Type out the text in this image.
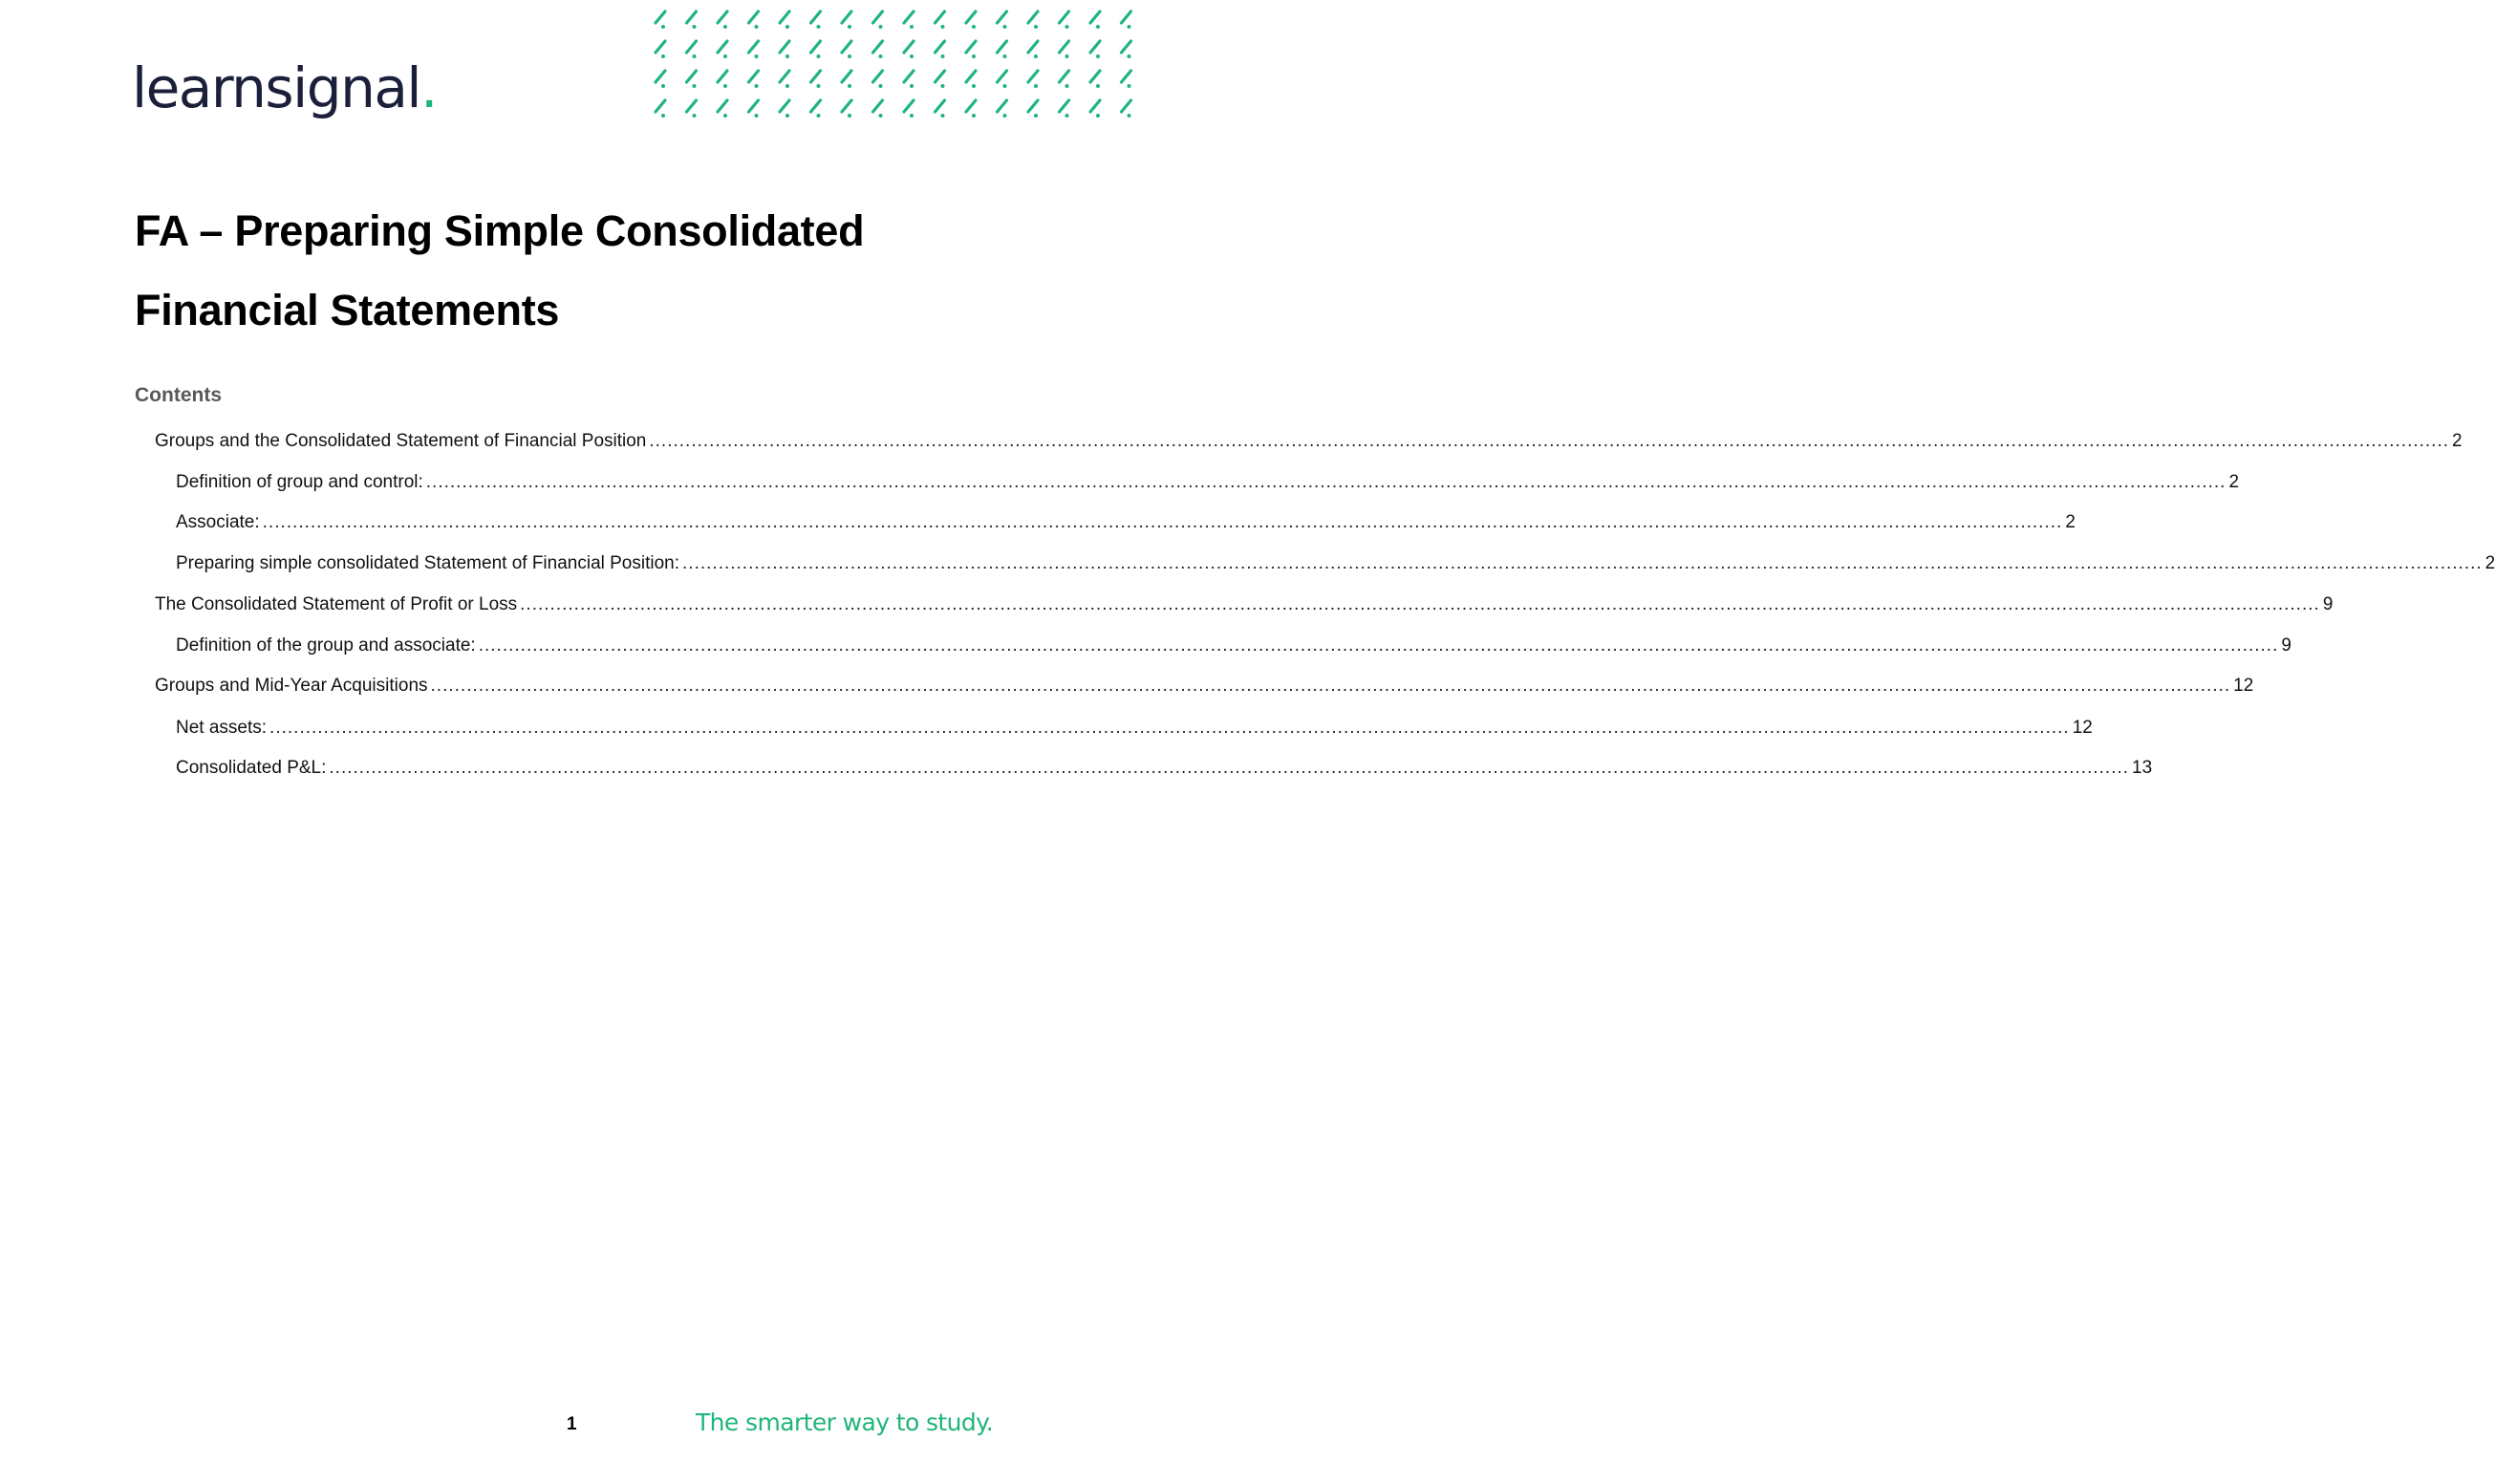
learnsignal.
FA – Preparing Simple Consolidated Financial Statements
Contents
Groups and the Consolidated Statement of Financial Position ............................................................................................................................................................................................................................................................................................................ 2
Definition of group and control: ............................................................................................................................................................................................................................................................................................................ 2
Associate: ............................................................................................................................................................................................................................................................................................................ 2
Preparing simple consolidated Statement of Financial Position: ............................................................................................................................................................................................................................................................................................................ 2
The Consolidated Statement of Profit or Loss ............................................................................................................................................................................................................................................................................................................ 9
Definition of the group and associate: ............................................................................................................................................................................................................................................................................................................ 9
Groups and Mid-Year Acquisitions ............................................................................................................................................................................................................................................................................................................ 12
Net assets: ............................................................................................................................................................................................................................................................................................................ 12
Consolidated P&L: ............................................................................................................................................................................................................................................................................................................ 13
1	The smarter way to study.
